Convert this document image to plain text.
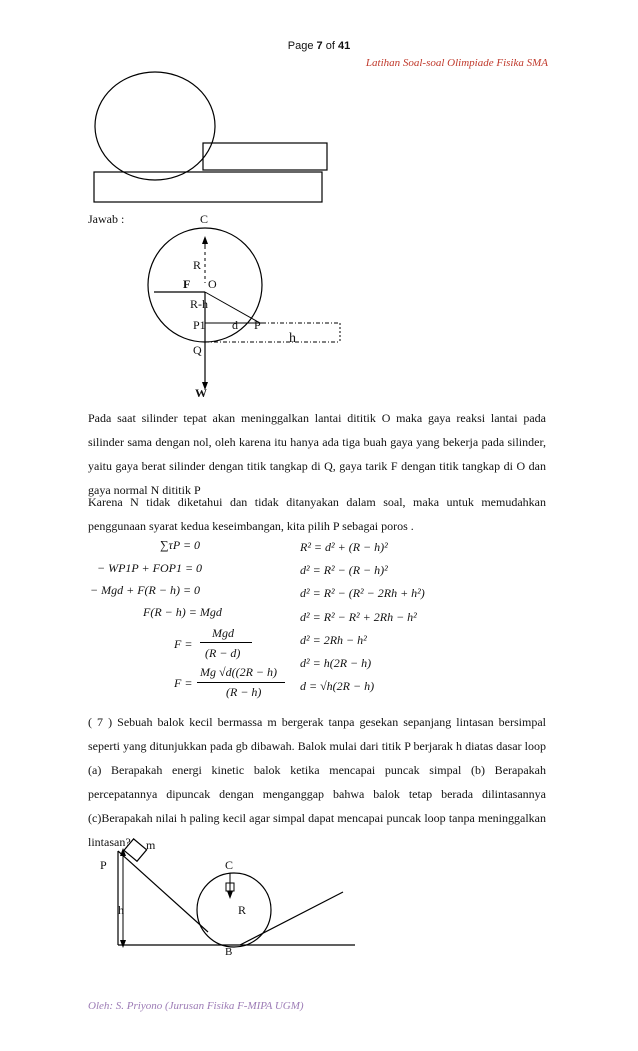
Page 7 of 41
Latihan Soal-soal Olimpiade Fisika SMA
Jawab :	C
R
F O
R-h
P1 d P
h
Q
W
Pada saat silinder tepat akan meninggalkan lantai dititik O maka gaya reaksi lantai pada silinder sama dengan nol, oleh karena itu hanya ada tiga buah gaya yang bekerja pada silinder, yaitu gaya berat silinder dengan titik tangkap di Q, gaya tarik F dengan titik tangkap di O dan gaya normal N dititik P
Karena N tidak diketahui dan tidak ditanyakan dalam soal, maka untuk memudahkan penggunaan syarat kedua keseimbangan, kita pilih P sebagai poros .
∑τP = 0
− WP1P + FOP1 = 0
− Mgd + F(R − h) = 0
F(R − h) = Mgd
F =
Mgd
(R − d)
F =
Mg √d((2R − h)
(R − h)
R² = d² + (R − h)²
d² = R² − (R − h)²
d² = R² − (R² − 2Rh + h²)
d² = R² − R² + 2Rh − h²
d² = 2Rh − h²
d² = h(2R − h)
d = √h(2R − h)
( 7 ) Sebuah balok kecil bermassa m bergerak tanpa gesekan sepanjang lintasan bersimpal seperti yang ditunjukkan pada gb dibawah. Balok mulai dari titik P berjarak h diatas dasar loop (a) Berapakah energi kinetic balok ketika mencapai puncak simpal (b) Berapakah percepatannya dipuncak dengan menganggap bahwa balok tetap berada dilintasannya (c)Berapakah nilai h paling kecil agar simpal dapat mencapai puncak loop tanpa meninggalkan lintasan?	m
P	C
h	R
B
Oleh: S. Priyono (Jurusan Fisika F-MIPA UGM)
